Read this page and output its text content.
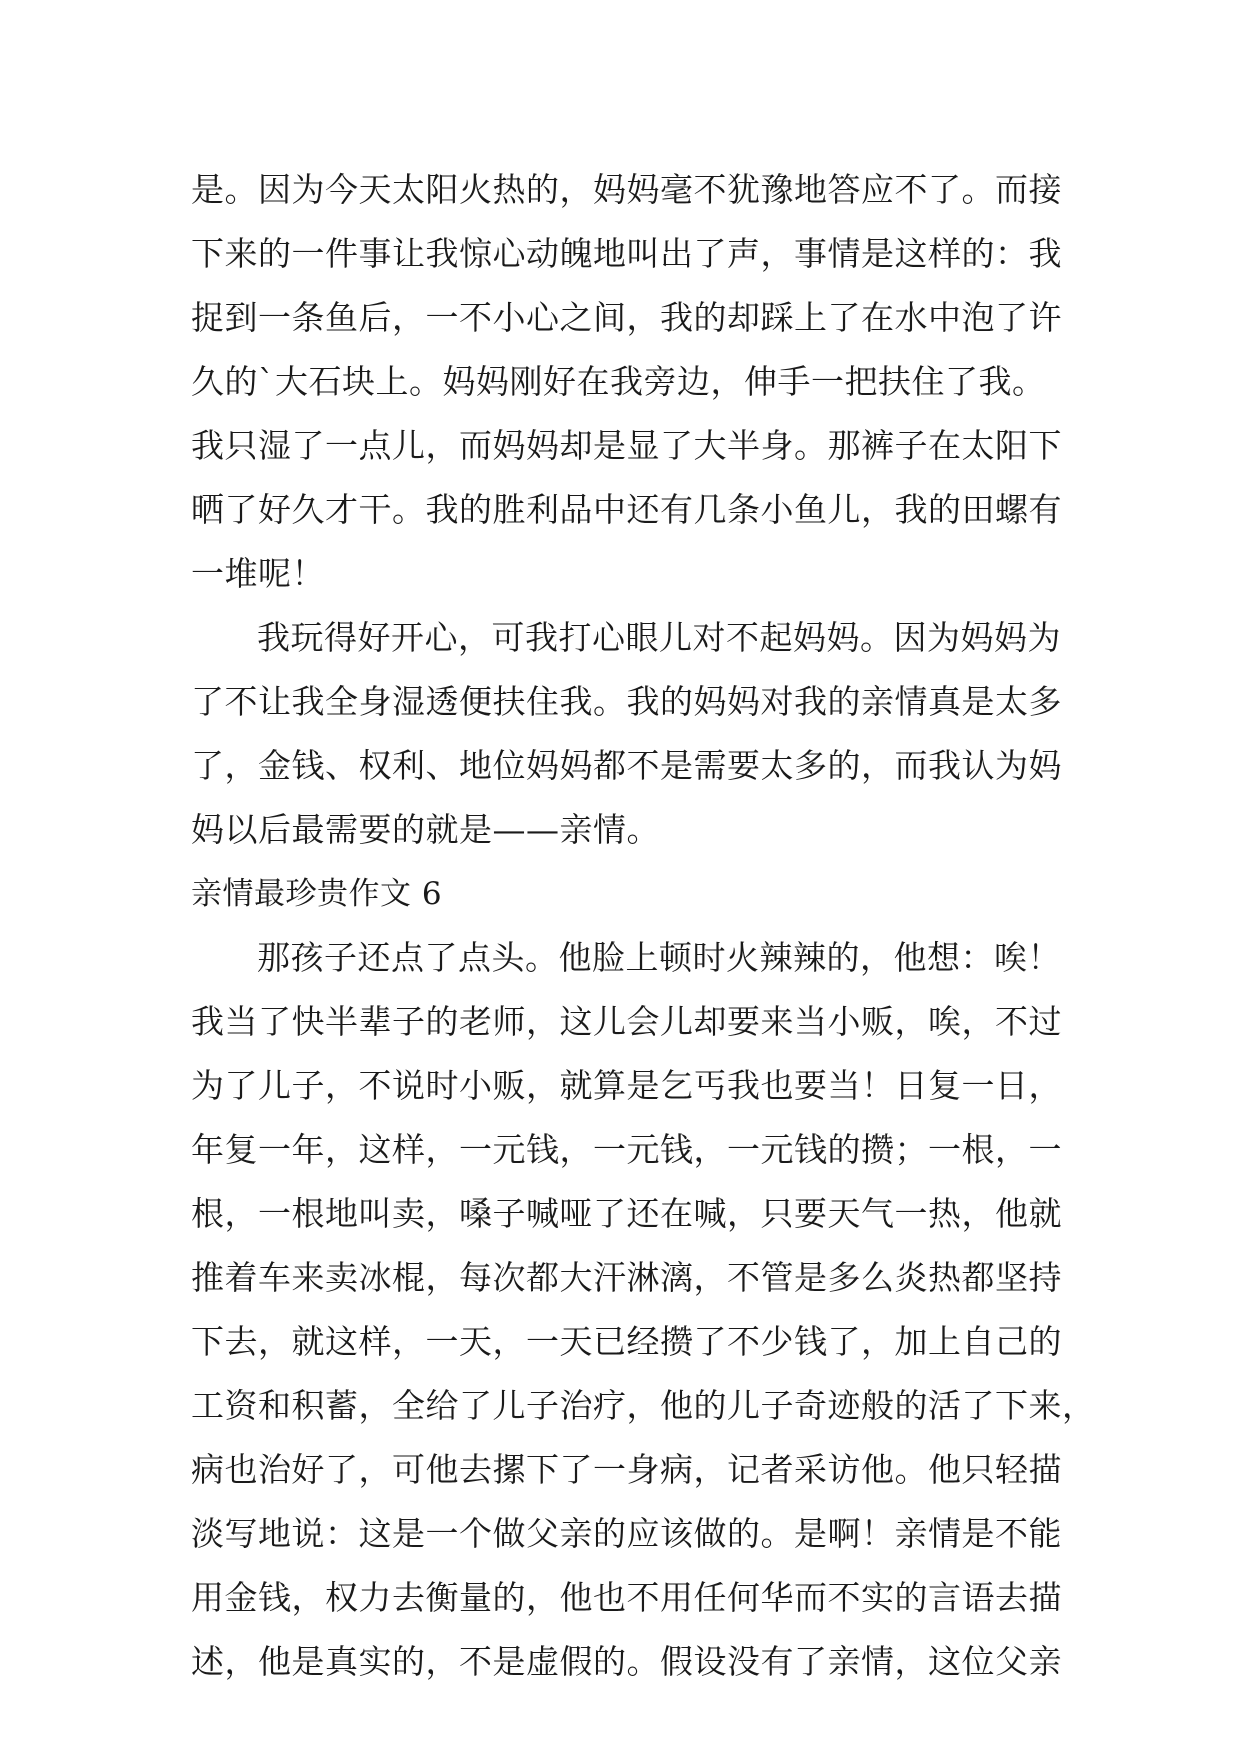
是。因为今天太阳火热的，妈妈毫不犹豫地答应不了。而接
下来的一件事让我惊心动魄地叫出了声，事情是这样的：我
捉到一条鱼后，一不小心之间，我的却踩上了在水中泡了许
久的`大石块上。妈妈刚好在我旁边，伸手一把扶住了我。
我只湿了一点儿，而妈妈却是显了大半身。那裤子在太阳下
晒了好久才干。我的胜利品中还有几条小鱼儿，我的田螺有
一堆呢！
我玩得好开心，可我打心眼儿对不起妈妈。因为妈妈为
了不让我全身湿透便扶住我。我的妈妈对我的亲情真是太多
了，金钱、权利、地位妈妈都不是需要太多的，而我认为妈
妈以后最需要的就是——亲情。
亲情最珍贵作文 6
那孩子还点了点头。他脸上顿时火辣辣的，他想：唉！
我当了快半辈子的老师，这儿会儿却要来当小贩，唉，不过
为了儿子，不说时小贩，就算是乞丐我也要当！日复一日，
年复一年，这样，一元钱，一元钱，一元钱的攒；一根，一
根，一根地叫卖，嗓子喊哑了还在喊，只要天气一热，他就
推着车来卖冰棍，每次都大汗淋漓，不管是多么炎热都坚持
下去，就这样，一天，一天已经攒了不少钱了，加上自己的
工资和积蓄，全给了儿子治疗，他的儿子奇迹般的活了下来，
病也治好了，可他去摞下了一身病，记者采访他。他只轻描
淡写地说：这是一个做父亲的应该做的。是啊！亲情是不能
用金钱，权力去衡量的，他也不用任何华而不实的言语去描
述，他是真实的，不是虚假的。假设没有了亲情，这位父亲
